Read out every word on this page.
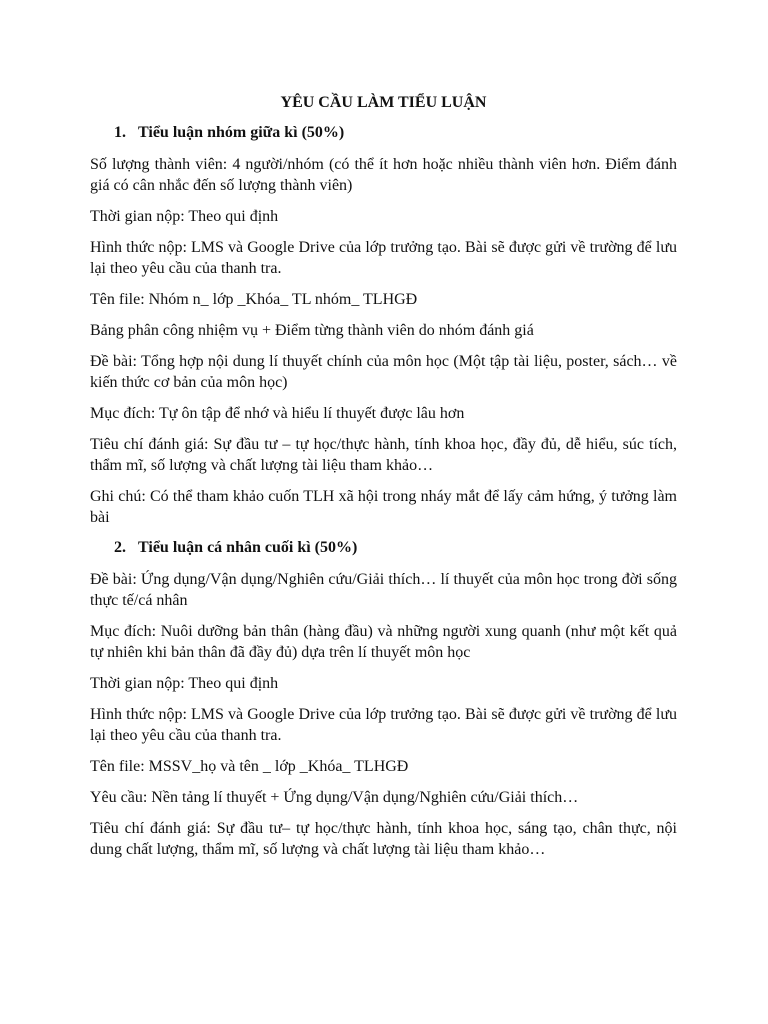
YÊU CẦU LÀM TIỂU LUẬN
1. Tiểu luận nhóm giữa kì (50%)

Số lượng thành viên: 4 người/nhóm (có thể ít hơn hoặc nhiều thành viên hơn. Điểm đánh giá có cân nhắc đến số lượng thành viên)

Thời gian nộp: Theo qui định

Hình thức nộp: LMS và Google Drive của lớp trưởng tạo. Bài sẽ được gửi về trường để lưu lại theo yêu cầu của thanh tra.

Tên file: Nhóm n_ lớp _Khóa_ TL nhóm_ TLHGĐ

Bảng phân công nhiệm vụ + Điểm từng thành viên do nhóm đánh giá

Đề bài: Tổng hợp nội dung lí thuyết chính của môn học (Một tập tài liệu, poster, sách… về kiến thức cơ bản của môn học)

Mục đích: Tự ôn tập để nhớ và hiểu lí thuyết được lâu hơn

Tiêu chí đánh giá: Sự đầu tư – tự học/thực hành, tính khoa học, đầy đủ, dễ hiểu, súc tích, thẩm mĩ, số lượng và chất lượng tài liệu tham khảo…

Ghi chú: Có thể tham khảo cuốn TLH xã hội trong nháy mắt để lấy cảm hứng, ý tưởng làm bài

2. Tiểu luận cá nhân cuối kì (50%)

Đề bài: Ứng dụng/Vận dụng/Nghiên cứu/Giải thích… lí thuyết của môn học trong đời sống thực tế/cá nhân

Mục đích: Nuôi dưỡng bản thân (hàng đầu) và những người xung quanh (như một kết quả tự nhiên khi bản thân đã đầy đủ) dựa trên lí thuyết môn học

Thời gian nộp: Theo qui định

Hình thức nộp: LMS và Google Drive của lớp trưởng tạo. Bài sẽ được gửi về trường để lưu lại theo yêu cầu của thanh tra.

Tên file: MSSV_họ và tên _ lớp _Khóa_ TLHGĐ

Yêu cầu: Nền tảng lí thuyết + Ứng dụng/Vận dụng/Nghiên cứu/Giải thích…

Tiêu chí đánh giá: Sự đầu tư– tự học/thực hành, tính khoa học, sáng tạo, chân thực, nội dung chất lượng, thẩm mĩ, số lượng và chất lượng tài liệu tham khảo…
